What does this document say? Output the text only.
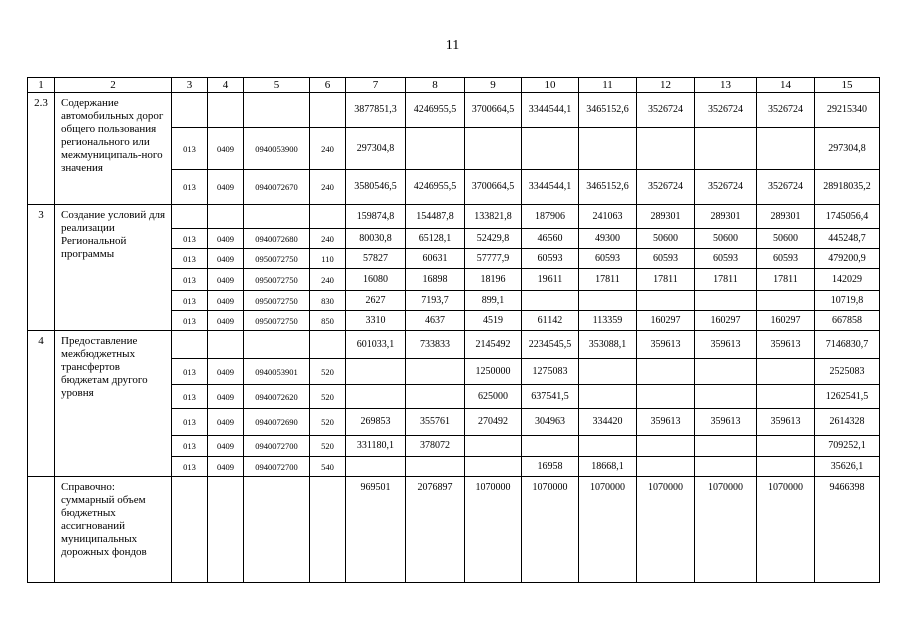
11
1	2	3	4	5	6	7	8	9	10	11	12	13	14	15
2.3	Содержание автомобильных дорог общего пользования регионального или межмуниципаль-ного значения					3877851,3	4246955,5	3700664,5	3344544,1	3465152,6	3526724	3526724	3526724	29215340
		013	0409	0940053900	240	297304,8								297304,8
		013	0409	0940072670	240	3580546,5	4246955,5	3700664,5	3344544,1	3465152,6	3526724	3526724	3526724	28918035,2
3	Создание условий для реализации Региональной программы					159874,8	154487,8	133821,8	187906	241063	289301	289301	289301	1745056,4
		013	0409	0940072680	240	80030,8	65128,1	52429,8	46560	49300	50600	50600	50600	445248,7
		013	0409	0950072750	110	57827	60631	57777,9	60593	60593	60593	60593	60593	479200,9
		013	0409	0950072750	240	16080	16898	18196	19611	17811	17811	17811	17811	142029
		013	0409	0950072750	830	2627	7193,7	899,1						10719,8
		013	0409	0950072750	850	3310	4637	4519	61142	113359	160297	160297	160297	667858
4	Предоставление межбюджетных трансфертов бюджетам другого уровня					601033,1	733833	2145492	2234545,5	353088,1	359613	359613	359613	7146830,7
		013	0409	0940053901	520			1250000	1275083					2525083
		013	0409	0940072620	520			625000	637541,5					1262541,5
		013	0409	0940072690	520	269853	355761	270492	304963	334420	359613	359613	359613	2614328
		013	0409	0940072700	520	331180,1	378072							709252,1
		013	0409	0940072700	540				16958	18668,1				35626,1
	Справочно: суммарный объем бюджетных ассигнований муниципальных дорожных фондов					969501	2076897	1070000	1070000	1070000	1070000	1070000	1070000	9466398
